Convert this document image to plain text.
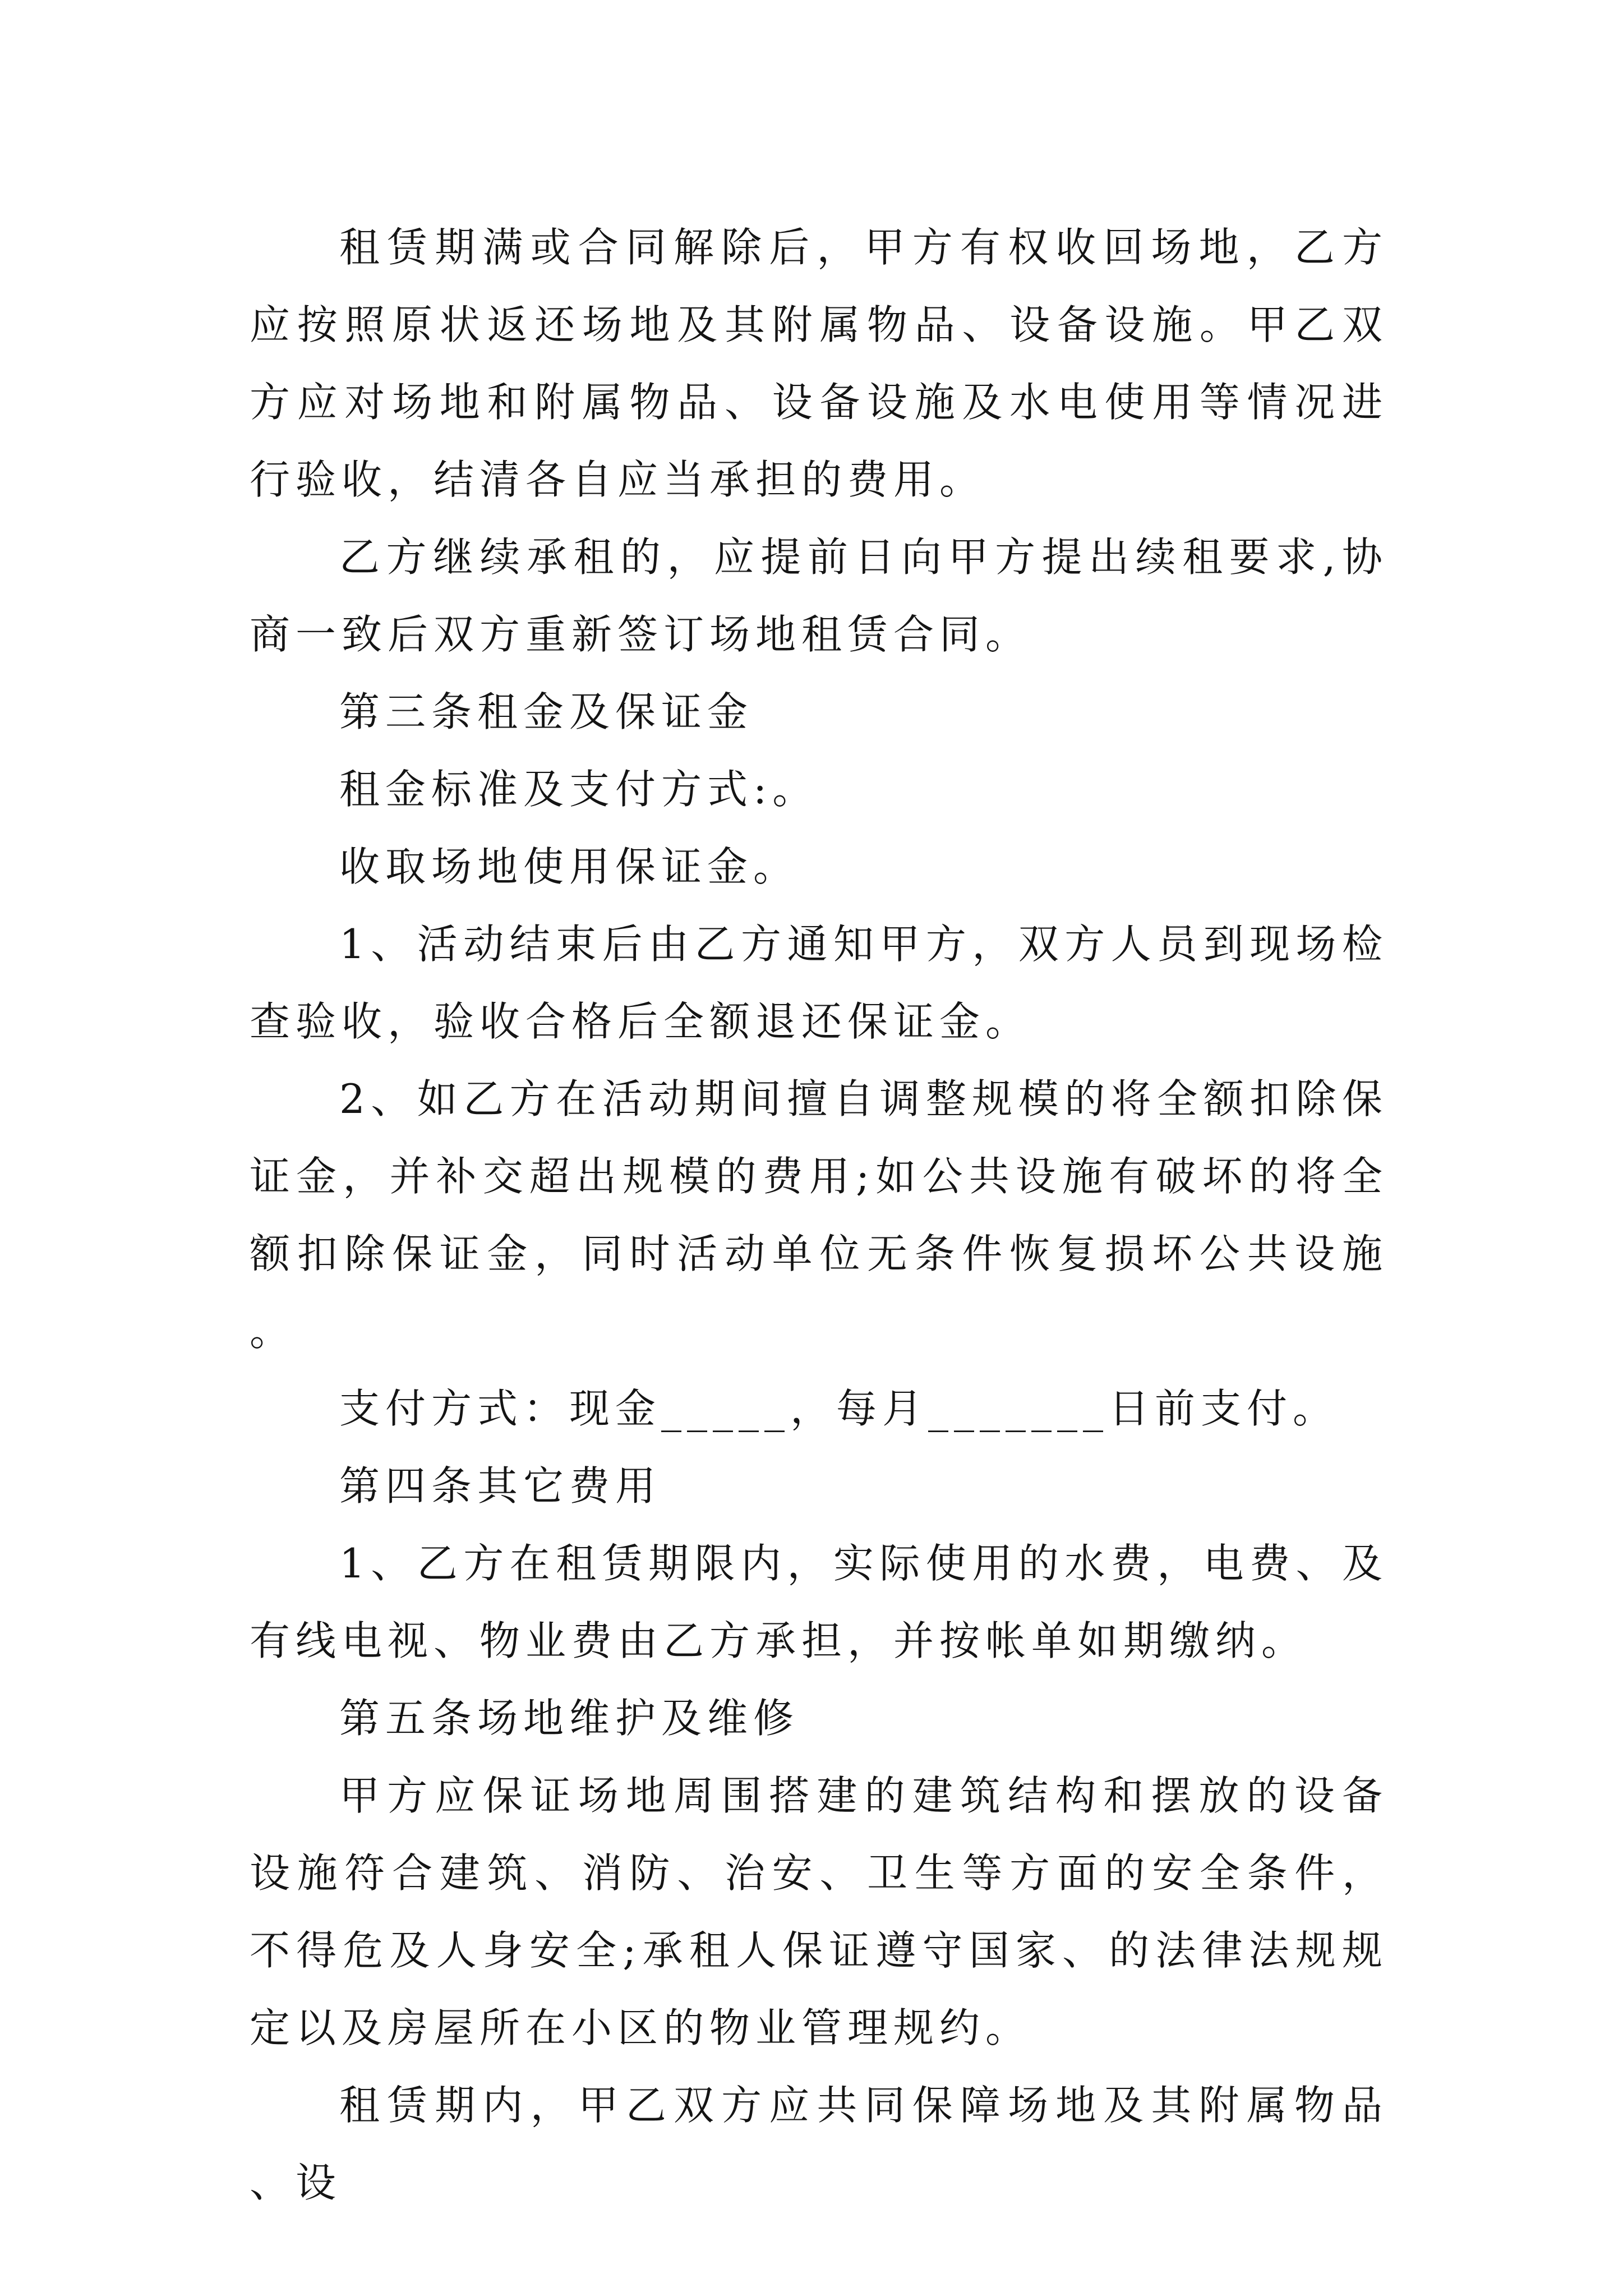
租赁期满或合同解除后，甲方有权收回场地，乙方应按照原状返还场地及其附属物品、设备设施。甲乙双方应对场地和附属物品、设备设施及水电使用等情况进行验收，结清各自应当承担的费用。

乙方继续承租的，应提前日向甲方提出续租要求,协商一致后双方重新签订场地租赁合同。

第三条租金及保证金

租金标准及支付方式:。

收取场地使用保证金。

1、活动结束后由乙方通知甲方，双方人员到现场检查验收，验收合格后全额退还保证金。

2、如乙方在活动期间擅自调整规模的将全额扣除保证金，并补交超出规模的费用;如公共设施有破坏的将全额扣除保证金，同时活动单位无条件恢复损坏公共设施。

支付方式：现金_____，每月_______日前支付。

第四条其它费用

1、乙方在租赁期限内，实际使用的水费，电费、及有线电视、物业费由乙方承担，并按帐单如期缴纳。

第五条场地维护及维修

甲方应保证场地周围搭建的建筑结构和摆放的设备设施符合建筑、消防、治安、卫生等方面的安全条件，不得危及人身安全;承租人保证遵守国家、的法律法规规定以及房屋所在小区的物业管理规约。

租赁期内，甲乙双方应共同保障场地及其附属物品、设
